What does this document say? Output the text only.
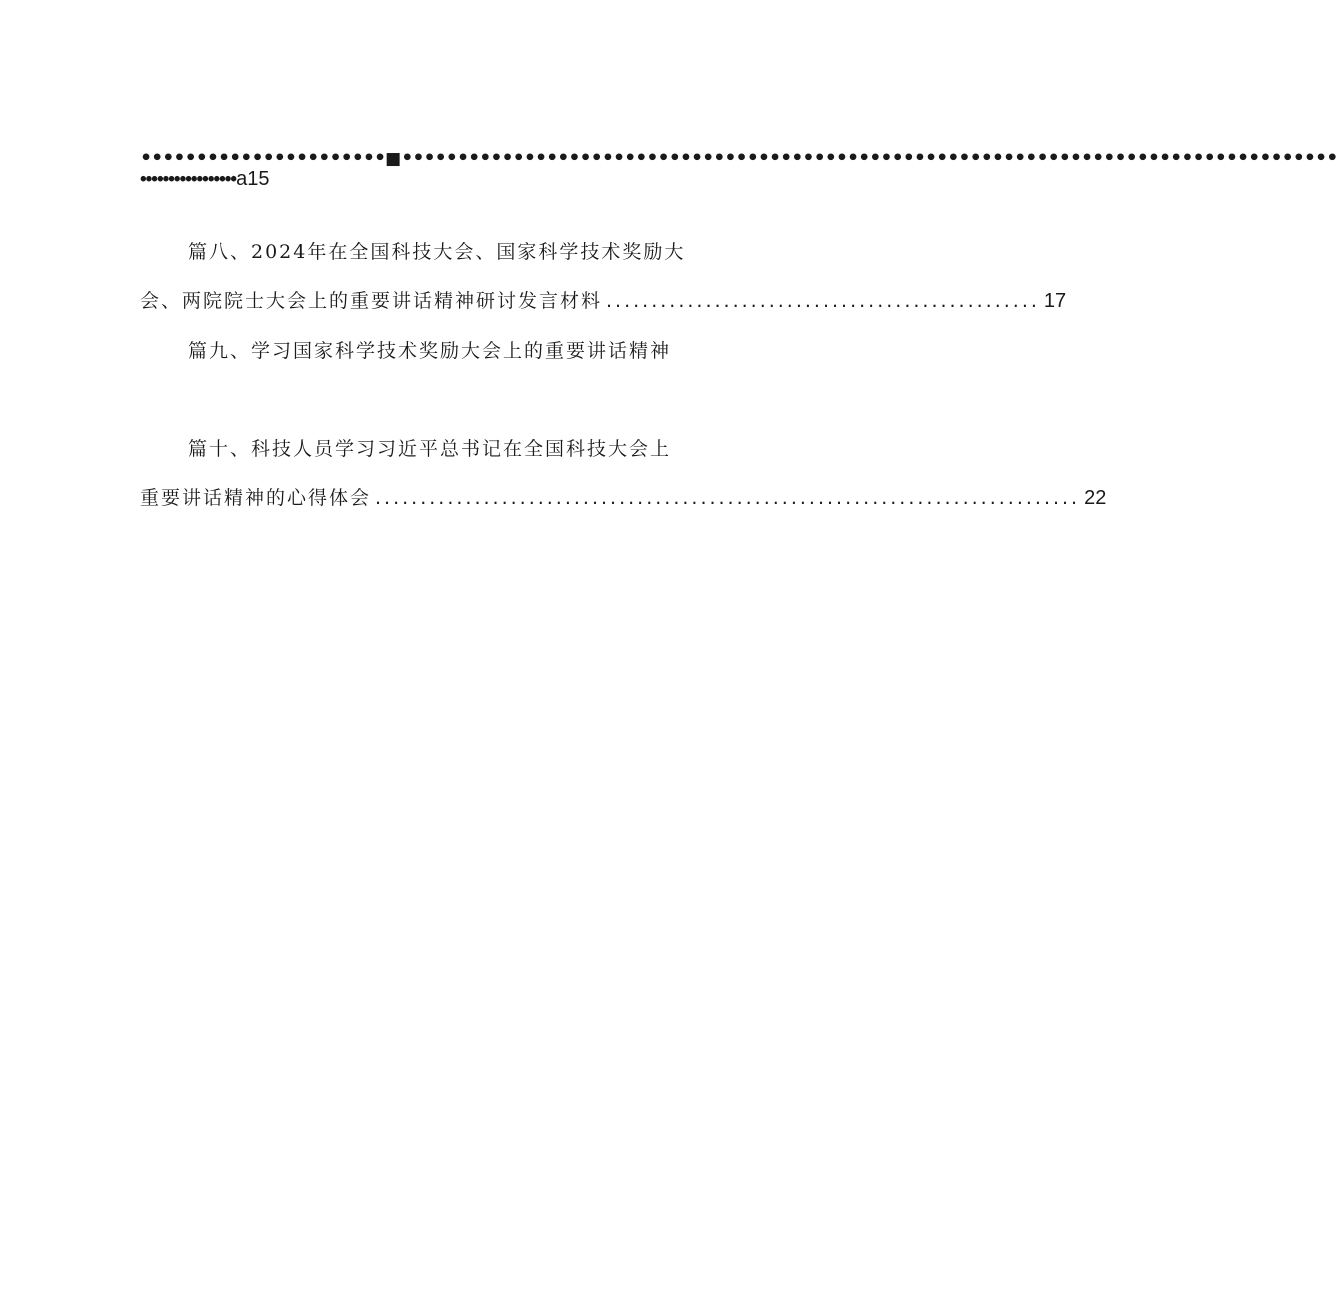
••••••••••••••••••••••■••••••••••••••••••••••••••••••••••••••••••••••••••••••••••••••••••••••••••••••••••••
•••••••••••••••••a15
篇八、2024年在全国科技大会、国家科学技术奖励大
会、两院院士大会上的重要讲话精神研讨发言材料 ................................................ 17
篇九、学习国家科学技术奖励大会上的重要讲话精神
篇十、科技人员学习习近平总书记在全国科技大会上
重要讲话精神的心得体会 .............................................................................. 22
